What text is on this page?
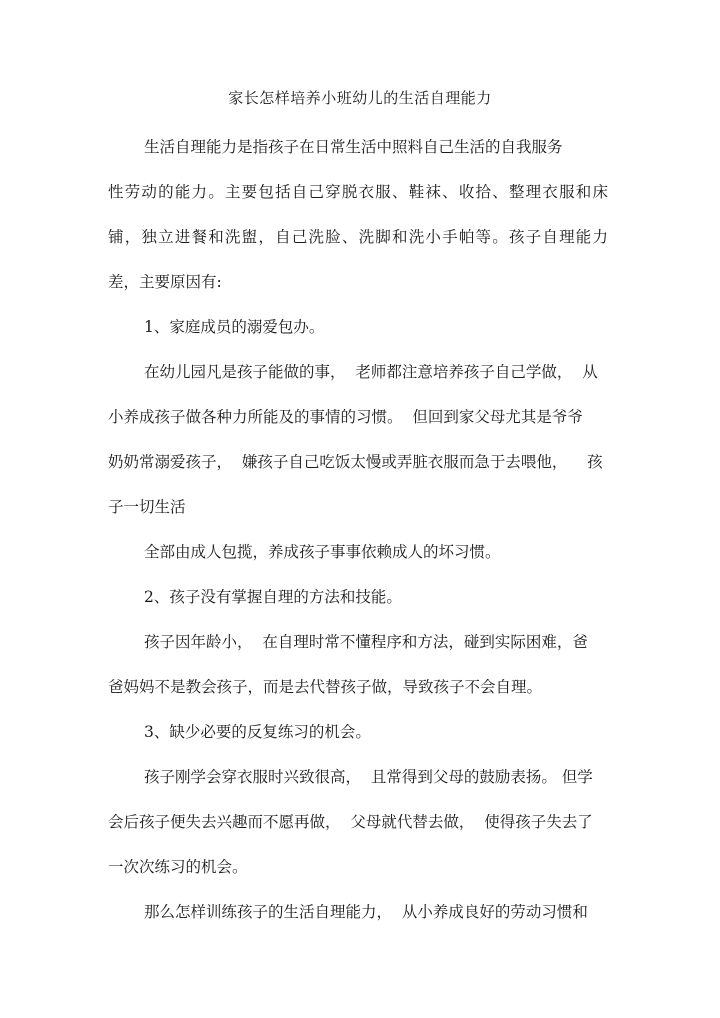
家长怎样培养小班幼儿的生活自理能力

生活自理能力是指孩子在日常生活中照料自己生活的自我服务

性劳动的能力。主要包括自己穿脱衣服、鞋袜、收拾、整理衣服和床

铺，独立进餐和洗盥，自己洗脸、洗脚和洗小手帕等。孩子自理能力

差，主要原因有:

1、家庭成员的溺爱包办。

在幼儿园凡是孩子能做的事，  老师都注意培养孩子自己学做，  从

小养成孩子做各种力所能及的事情的习惯。  但回到家父母尤其是爷爷

奶奶常溺爱孩子，  嫌孩子自己吃饭太慢或弄脏衣服而急于去喂他，    孩

子一切生活

全部由成人包揽，养成孩子事事依赖成人的坏习惯。

2、孩子没有掌握自理的方法和技能。

孩子因年龄小，  在自理时常不懂程序和方法，碰到实际困难，爸

爸妈妈不是教会孩子，而是去代替孩子做，导致孩子不会自理。

3、缺少必要的反复练习的机会。

孩子刚学会穿衣服时兴致很高，  且常得到父母的鼓励表扬。 但学

会后孩子便失去兴趣而不愿再做，  父母就代替去做，  使得孩子失去了

一次次练习的机会。

那么怎样训练孩子的生活自理能力，  从小养成良好的劳动习惯和
